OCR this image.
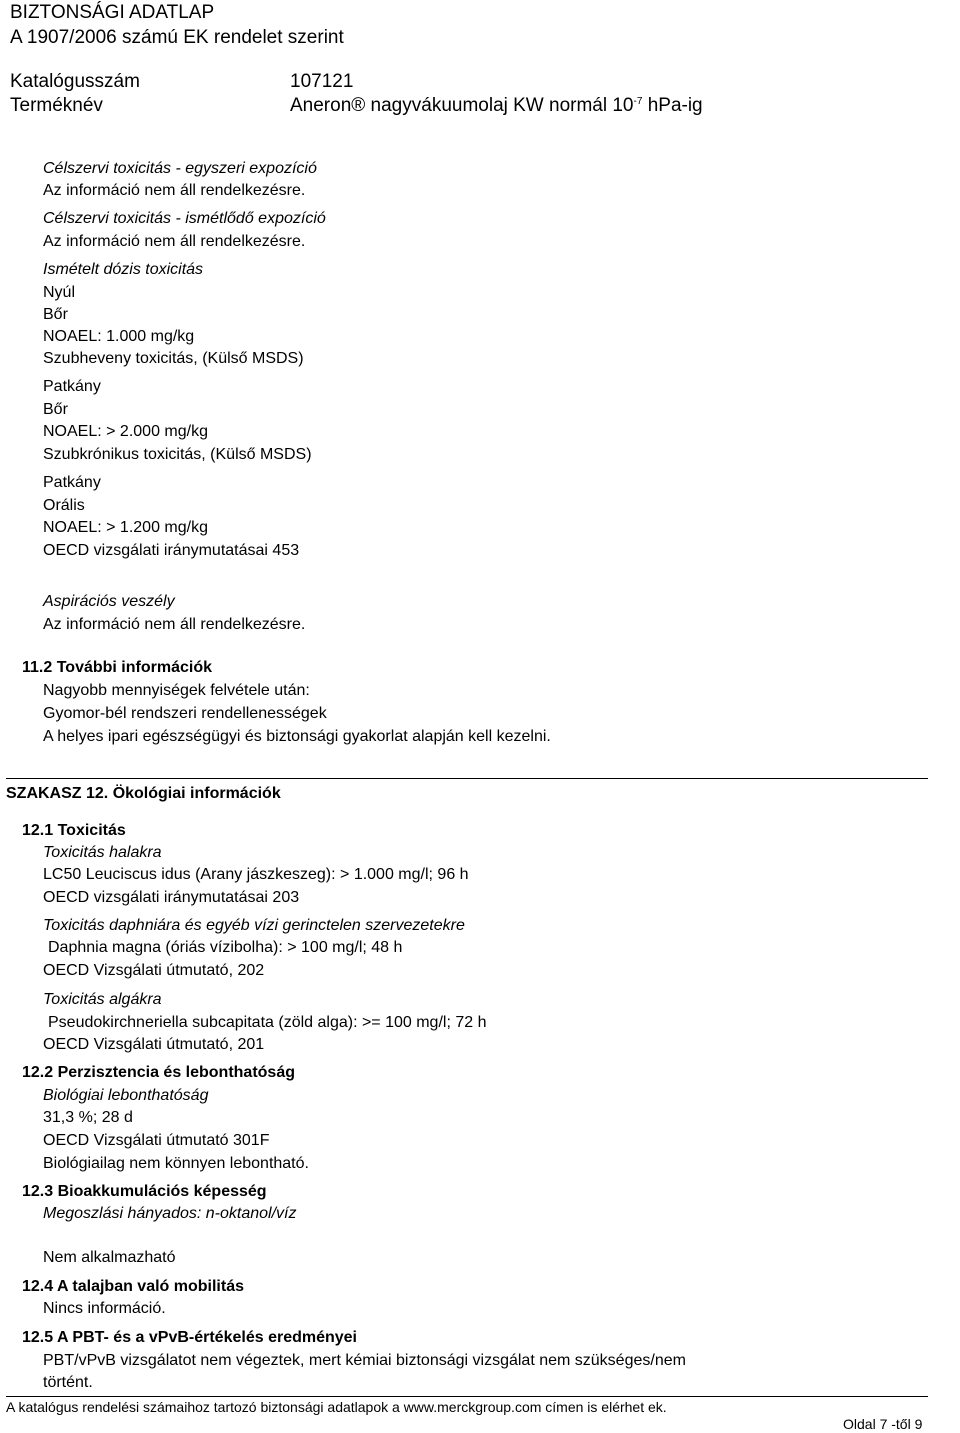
BIZTONSÁGI ADATLAP
A 1907/2006 számú EK rendelet szerint
Katalógusszám	107121
Terméknév	Aneron® nagyvákuumolaj KW normál $10^{-7}$ hPa-ig
Célszervi toxicitás - egyszeri expozíció
Az információ nem áll rendelkezésre.
Célszervi toxicitás - ismétlődő expozíció
Az információ nem áll rendelkezésre.
Ismételt dózis toxicitás
Nyúl
Bőr
NOAEL: 1.000 mg/kg
Szubheveny toxicitás, (Külső MSDS)
Patkány
Bőr
NOAEL: > 2.000 mg/kg
Szubkrónikus toxicitás, (Külső MSDS)
Patkány
Orális
NOAEL: > 1.200 mg/kg
OECD vizsgálati iránymutatásai 453
Aspirációs veszély
Az információ nem áll rendelkezésre.
11.2 További információk
Nagyobb mennyiségek felvétele után:
Gyomor-bél rendszeri rendellenességek
A helyes ipari egészségügyi és biztonsági gyakorlat alapján kell kezelni.
SZAKASZ 12. Ökológiai információk
12.1 Toxicitás
Toxicitás halakra
LC50 Leuciscus idus (Arany jászkeszeg): > 1.000 mg/l; 96 h
OECD vizsgálati iránymutatásai 203
Toxicitás daphniára és egyéb vízi gerinctelen szervezetekre
Daphnia magna (óriás vízibolha): > 100 mg/l; 48 h
OECD Vizsgálati útmutató, 202
Toxicitás algákra
Pseudokirchneriella subcapitata (zöld alga): >= 100 mg/l; 72 h
OECD Vizsgálati útmutató, 201
12.2 Perzisztencia és lebonthatóság
Biológiai lebonthatóság
31,3 %; 28 d
OECD Vizsgálati útmutató 301F
Biológiailag nem könnyen lebontható.
12.3 Bioakkumulációs képesség
Megoszlási hányados: n-oktanol/víz
Nem alkalmazható
12.4 A talajban való mobilitás
Nincs információ.
12.5 A PBT- és a vPvB-értékelés eredményei
PBT/vPvB vizsgálatot nem végeztek, mert kémiai biztonsági vizsgálat nem szükséges/nem
történt.
A katalógus rendelési számaihoz tartozó biztonsági adatlapok a www.merckgroup.com címen is elérhet ek.
Oldal 7 -től 9
